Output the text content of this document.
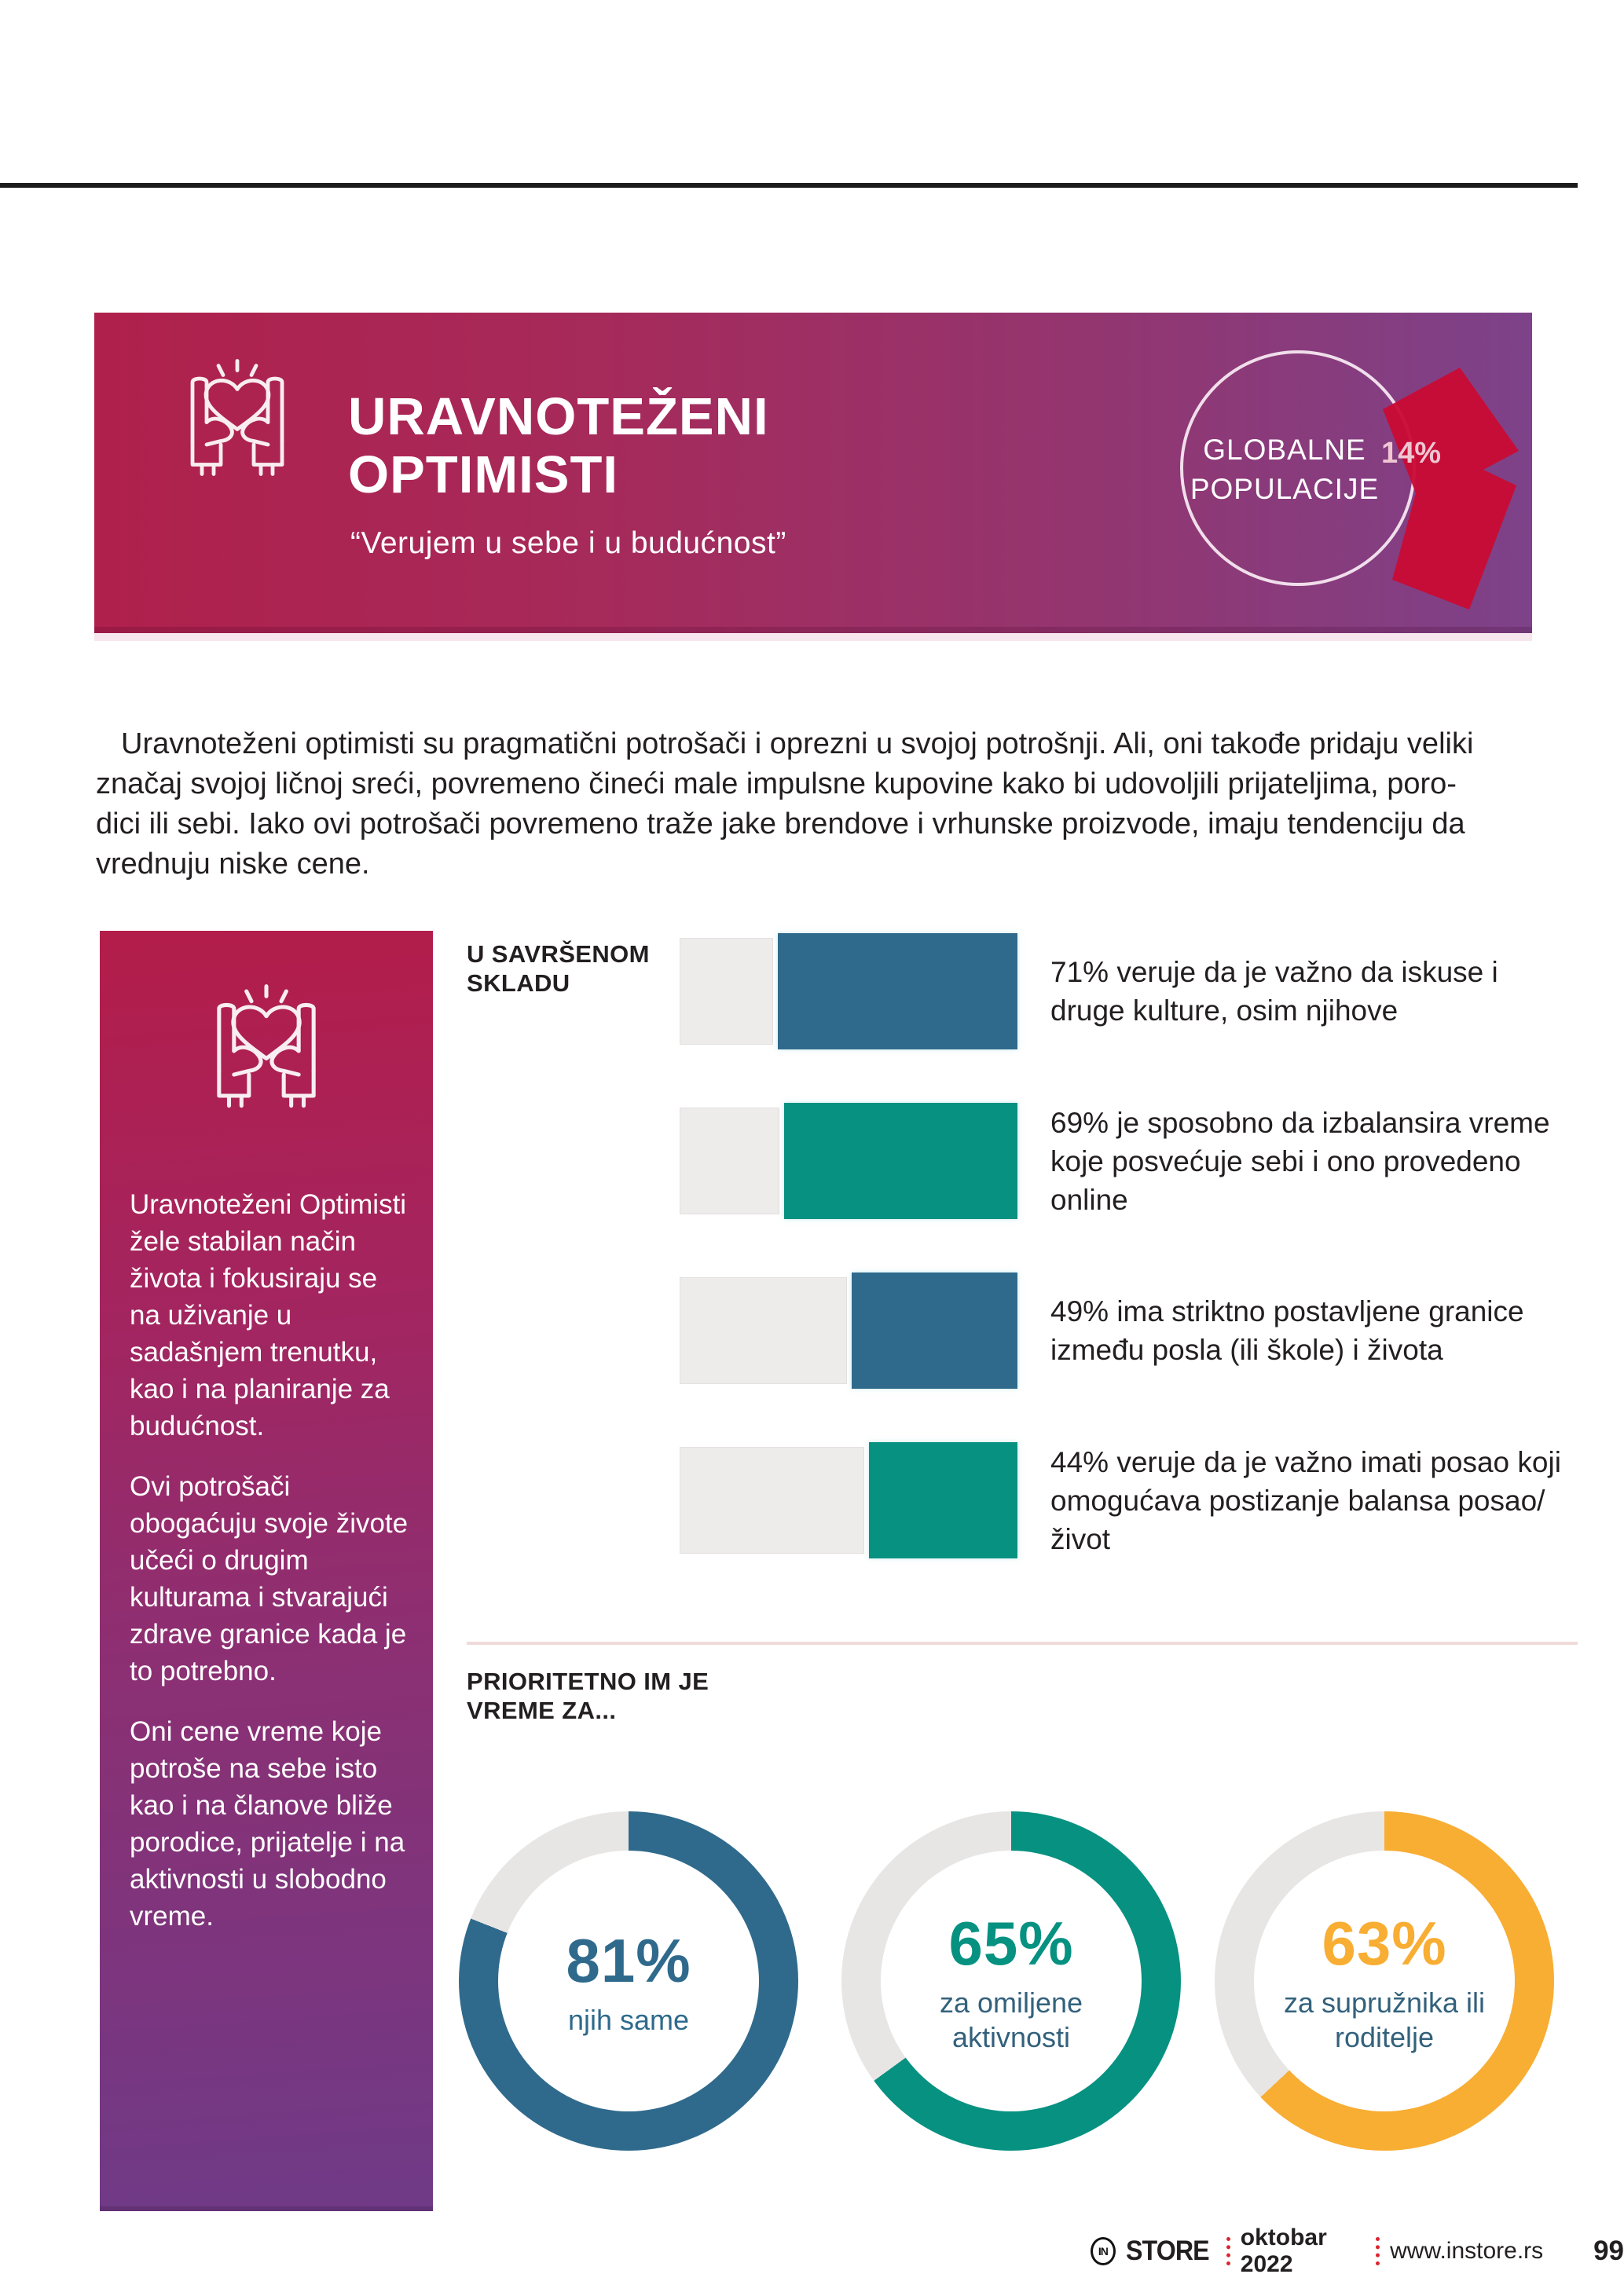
URAVNOTEŽENI
OPTIMISTI
“Verujem u sebe i u budućnost”
GLOBALNE
POPULACIJE
14%
Uravnoteženi optimisti su pragmatični potrošači i oprezni u svojoj potrošnji. Ali, oni takođe pridaju veliki
značaj svojoj ličnoj sreći, povremeno čineći male impulsne kupovine kako bi udovoljili prijateljima, poro-
dici ili sebi. Iako ovi potrošači povremeno traže jake brendove i vrhunske proizvode, imaju tendenciju da
vrednuju niske cene.

Uravnoteženi Optimisti žele stabilan način života i fokusiraju se na uživanje u sadašnjem trenutku, kao i na planiranje za budućnost.

Ovi potrošači obogaćuju svoje živote učeći o drugim kulturama i stvarajući zdrave granice kada je to potrebno.

Oni cene vreme koje potroše na sebe isto kao i na članove bliže porodice, prijatelje i na aktivnosti u slobodno vreme.

U SAVRŠENOM SKLADU	71% veruje da je važno da iskuse i druge kulture, osim njihove
69% je sposobno da izbalansira vreme koje posvećuje sebi i ono provedeno online
49% ima striktno postavljene granice između posla (ili škole) i života
44% veruje da je važno imati posao koji omogućava postizanje balansa posao/život
PRIORITETNO IM JE VREME ZA...
81%
njih same
65%
za omiljene aktivnosti
63%
za supružnika ili roditelje
IN STORE oktobar 2022
www.instore.rs 99
